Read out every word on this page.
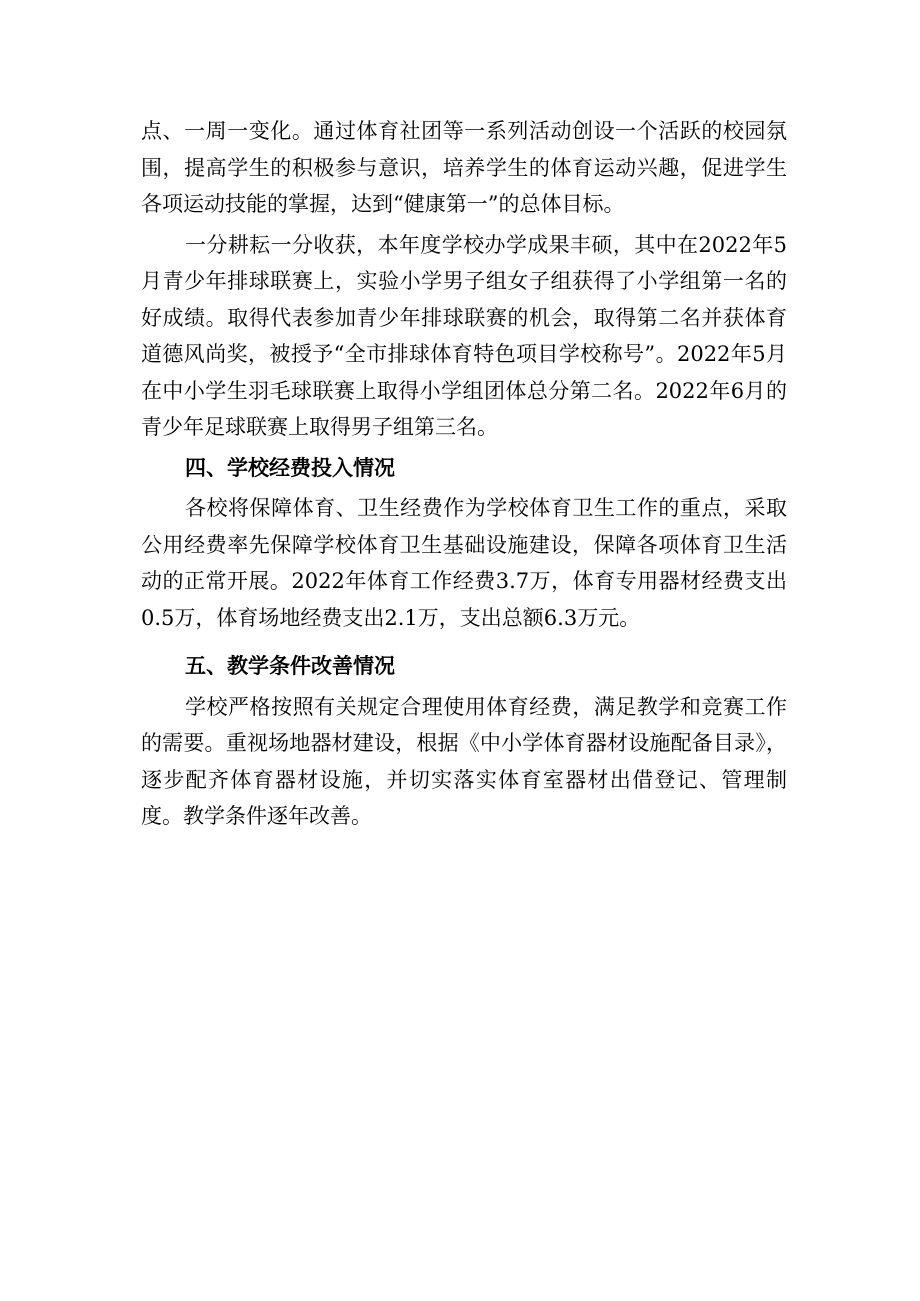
点、一周一变化。通过体育社团等一系列活动创设一个活跃的校园氛围，提高学生的积极参与意识，培养学生的体育运动兴趣，促进学生各项运动技能的掌握，达到“健康第一”的总体目标。

一分耕耘一分收获，本年度学校办学成果丰硕，其中在2022年5月青少年排球联赛上，实验小学男子组女子组获得了小学组第一名的好成绩。取得代表参加青少年排球联赛的机会，取得第二名并获体育道德风尚奖，被授予“全市排球体育特色项目学校称号”。2022年5月在中小学生羽毛球联赛上取得小学组团体总分第二名。2022年6月的青少年足球联赛上取得男子组第三名。

四、学校经费投入情况

各校将保障体育、卫生经费作为学校体育卫生工作的重点，采取公用经费率先保障学校体育卫生基础设施建设，保障各项体育卫生活动的正常开展。2022年体育工作经费3.7万，体育专用器材经费支出0.5万，体育场地经费支出2.1万，支出总额6.3万元。

五、教学条件改善情况

学校严格按照有关规定合理使用体育经费，满足教学和竞赛工作的需要。重视场地器材建设，根据《中小学体育器材设施配备目录》，逐步配齐体育器材设施，并切实落实体育室器材出借登记、管理制度。教学条件逐年改善。
